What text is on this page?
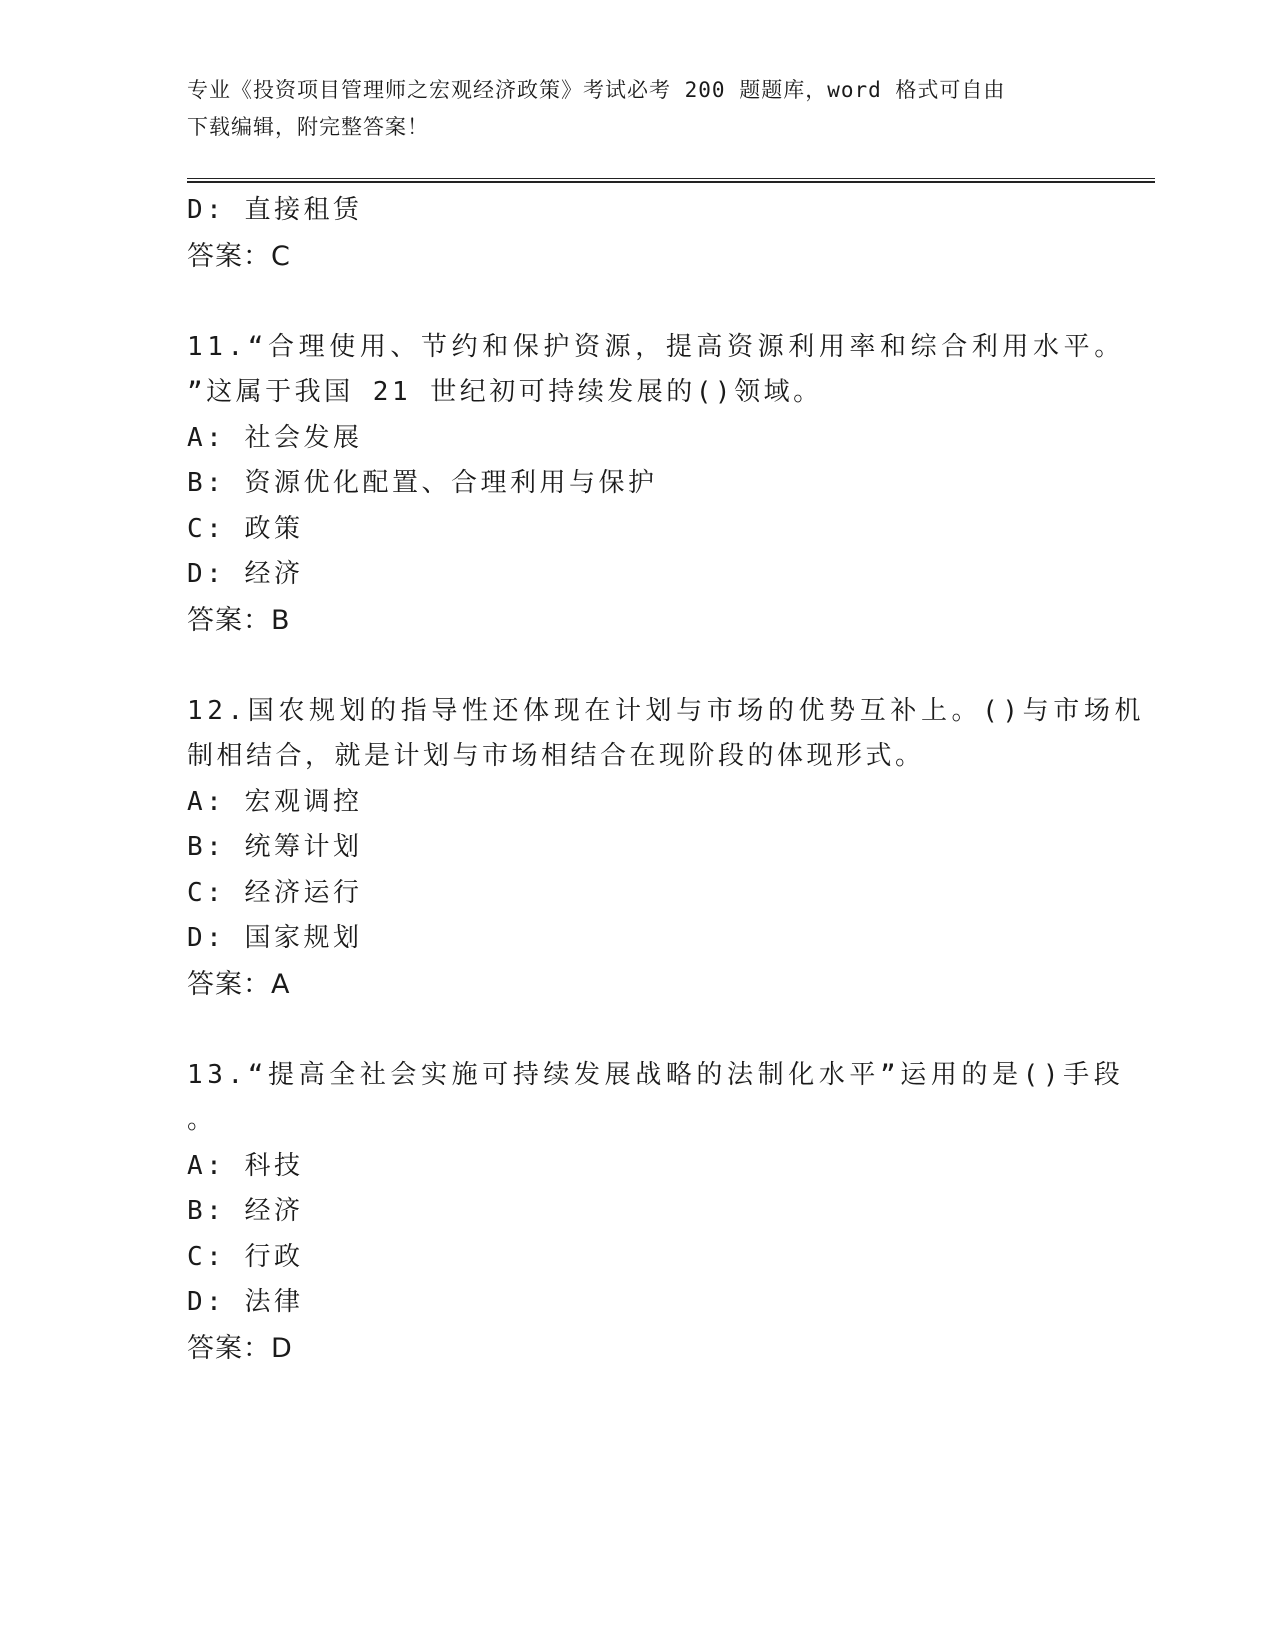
专业《投资项目管理师之宏观经济政策》考试必考 200 题题库，word 格式可自由
下载编辑，附完整答案！
D: 直接租赁
答案：C
11.“合理使用、节约和保护资源，提高资源利用率和综合利用水平。
”这属于我国 21 世纪初可持续发展的()领域。
A: 社会发展
B: 资源优化配置、合理利用与保护
C: 政策
D: 经济
答案：B
12.国农规划的指导性还体现在计划与市场的优势互补上。()与市场机
制相结合，就是计划与市场相结合在现阶段的体现形式。
A: 宏观调控
B: 统筹计划
C: 经济运行
D: 国家规划
答案：A
13.“提高全社会实施可持续发展战略的法制化水平”运用的是()手段
。
A: 科技
B: 经济
C: 行政
D: 法律
答案：D
